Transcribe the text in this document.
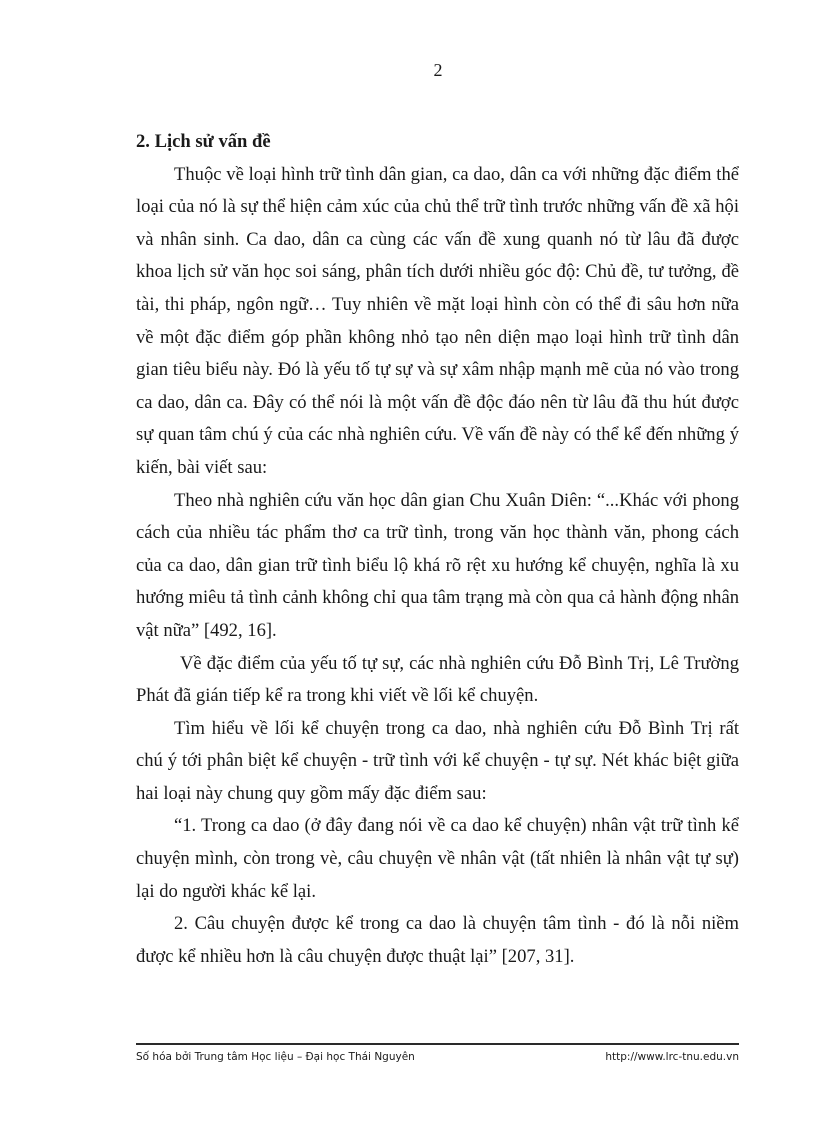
2

2. Lịch sử vấn đề

Thuộc về loại hình trữ tình dân gian, ca dao, dân ca với những đặc điểm thể loại của nó là sự thể hiện cảm xúc của chủ thể trữ tình trước những vấn đề xã hội và nhân sinh. Ca dao, dân ca cùng các vấn đề xung quanh nó từ lâu đã được khoa lịch sử văn học soi sáng, phân tích dưới nhiều góc độ: Chủ đề, tư tưởng, đề tài, thi pháp, ngôn ngữ… Tuy nhiên về mặt loại hình còn có thể đi sâu hơn nữa về một đặc điểm góp phần không nhỏ tạo nên diện mạo loại hình trữ tình dân gian tiêu biểu này. Đó là yếu tố tự sự và sự xâm nhập mạnh mẽ của nó vào trong ca dao, dân ca. Đây có thể nói là một vấn đề độc đáo nên từ lâu đã thu hút được sự quan tâm chú ý của các nhà nghiên cứu. Về vấn đề này có thể kể đến những ý kiến, bài viết sau:

Theo nhà nghiên cứu văn học dân gian Chu Xuân Diên: “...Khác với phong cách của nhiều tác phẩm thơ ca trữ tình, trong văn học thành văn, phong cách của ca dao, dân gian trữ tình biểu lộ khá rõ rệt xu hướng kể chuyện, nghĩa là xu hướng miêu tả tình cảnh không chỉ qua tâm trạng mà còn qua cả hành động nhân vật nữa” [492, 16].

Về đặc điểm của yếu tố tự sự, các nhà nghiên cứu Đỗ Bình Trị, Lê Trường Phát đã gián tiếp kể ra trong khi viết về lối kể chuyện.

Tìm hiểu về lối kể chuyện trong ca dao, nhà nghiên cứu Đỗ Bình Trị rất chú ý tới phân biệt kể chuyện - trữ tình với kể chuyện - tự sự. Nét khác biệt giữa hai loại này chung quy gồm mấy đặc điểm sau:

“1. Trong ca dao (ở đây đang nói về ca dao kể chuyện) nhân vật trữ tình kể chuyện mình, còn trong vè, câu chuyện về nhân vật (tất nhiên là nhân vật tự sự) lại do người khác kể lại.

2. Câu chuyện được kể trong ca dao là chuyện tâm tình - đó là nỗi niềm được kể nhiều hơn là câu chuyện được thuật lại” [207, 31].

Số hóa bởi Trung tâm Học liệu – Đại học Thái Nguyên	http://www.lrc-tnu.edu.vn
